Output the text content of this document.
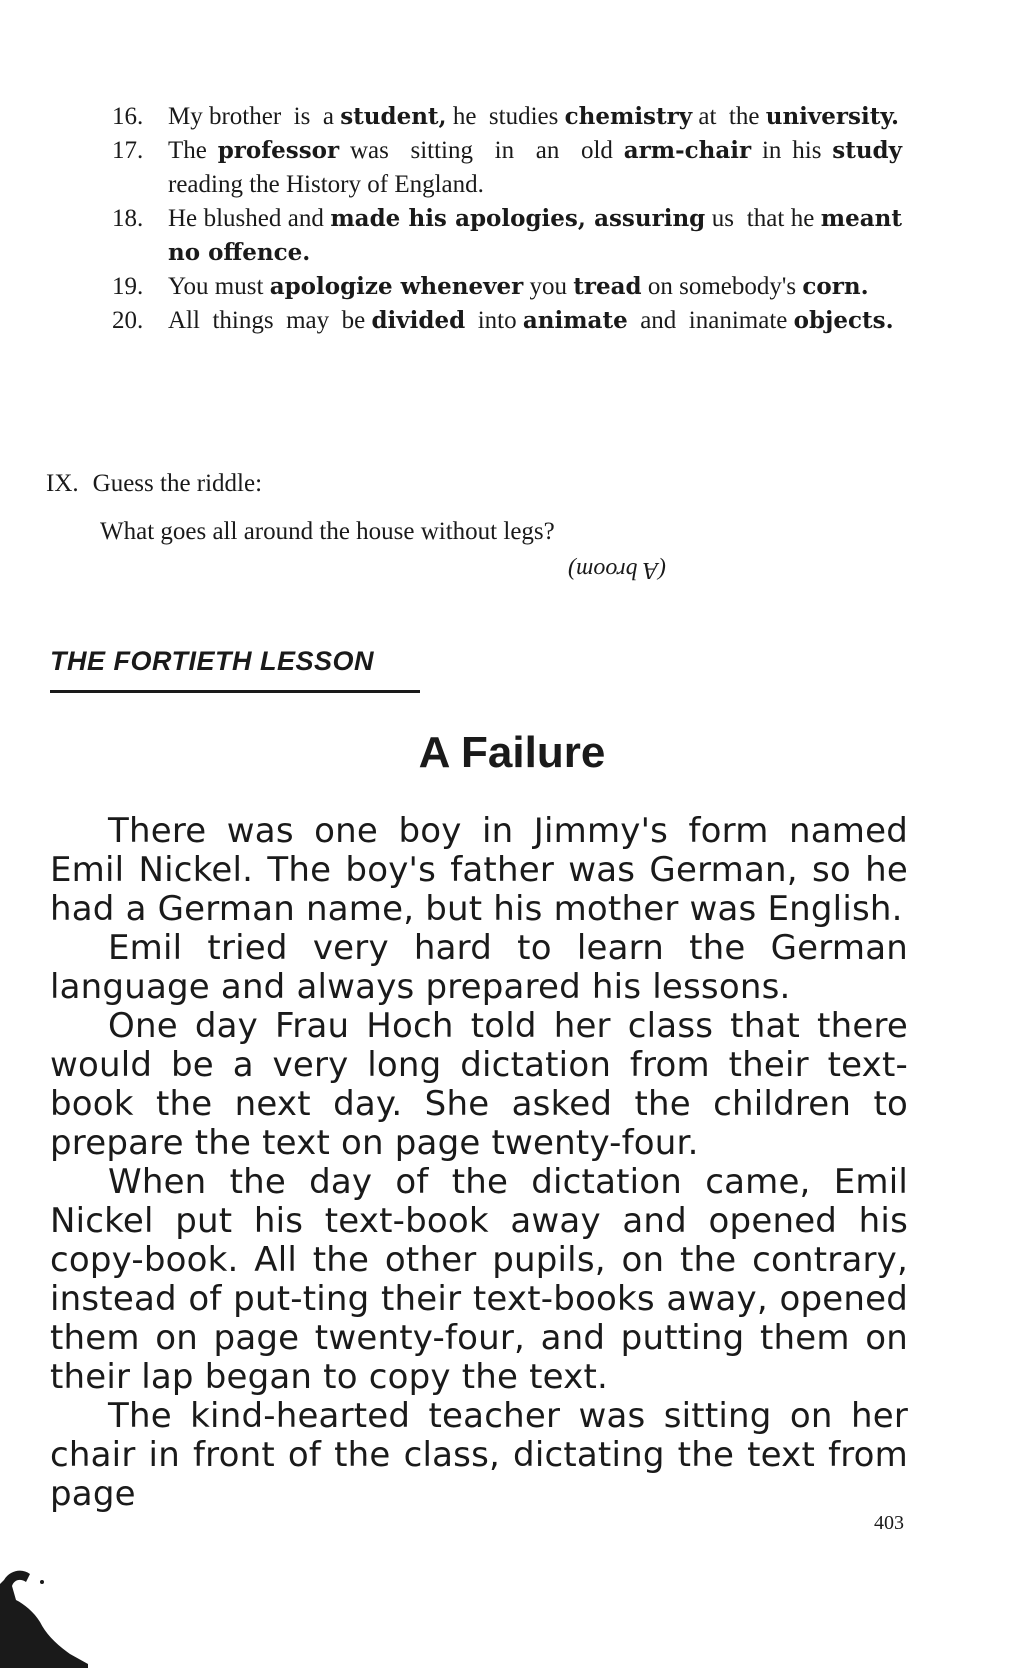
16. My brother  is  a student, he  studies chemistry at  the university.
17. The professor was  sitting  in  an  old arm-chair in his study reading the History of England.
18. He blushed and made his apologies, assuring us  that he meant no offence.
19. You must apologize whenever you tread on somebody's corn.
20. All  things  may  be divided  into animate  and  inanimate objects.
IX. Guess the riddle:
What goes all around the house without legs?
(A broom)
THE FORTIETH LESSON
A Failure

There was one boy in Jimmy's form named Emil Nickel. The boy's father was German, so he had a German name, but his mother was English.

Emil tried very hard to learn the German language and always prepared his lessons.

One day Frau Hoch told her class that there would be a very long dictation from their text-book the next day. She asked the children to prepare the text on page twenty-four.

When the day of the dictation came, Emil Nickel put his text-book away and opened his copy-book. All the other pupils, on the contrary, instead of put-ting their text-books away, opened them on page twenty-four, and putting them on their lap began to copy the text.

The kind-hearted teacher was sitting on her chair in front of the class, dictating the text from page

403
